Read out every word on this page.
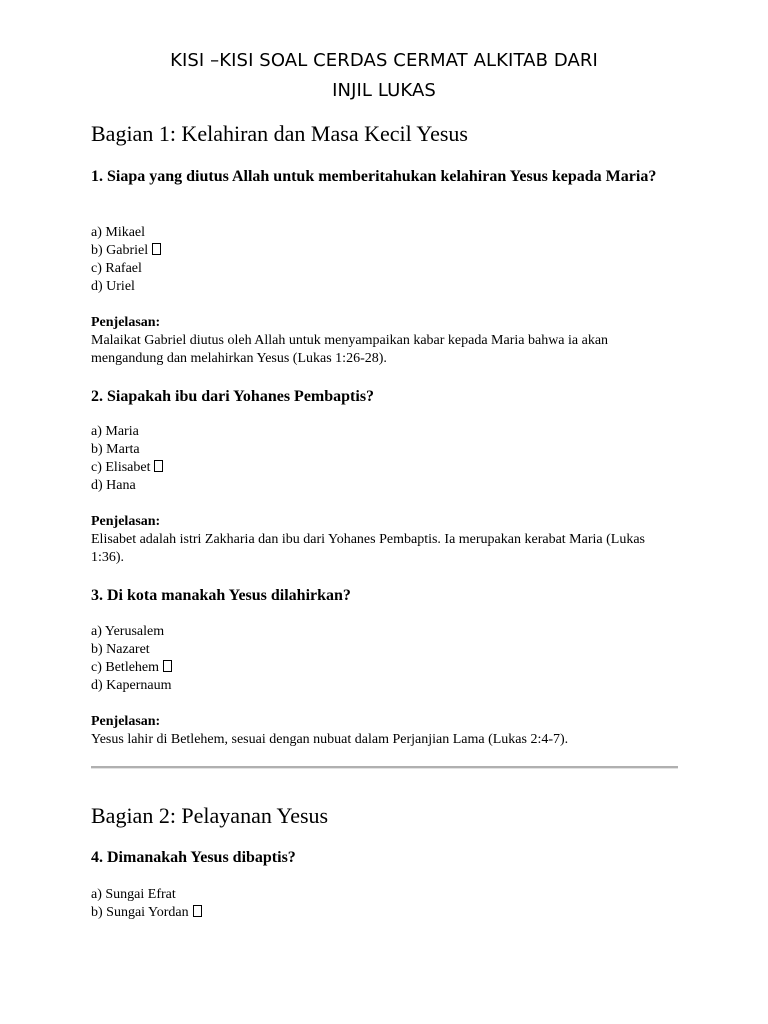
KISI –KISI SOAL CERDAS CERMAT ALKITAB DARI
INJIL LUKAS
Bagian 1: Kelahiran dan Masa Kecil Yesus

1. Siapa yang diutus Allah untuk memberitahukan kelahiran Yesus kepada Maria?

a) Mikael
b) Gabriel
c) Rafael
d) Uriel
Penjelasan:
Malaikat Gabriel diutus oleh Allah untuk menyampaikan kabar kepada Maria bahwa ia akan mengandung dan melahirkan Yesus (Lukas 1:26-28).

2. Siapakah ibu dari Yohanes Pembaptis?

a) Maria
b) Marta
c) Elisabet
d) Hana
Penjelasan:
Elisabet adalah istri Zakharia dan ibu dari Yohanes Pembaptis. Ia merupakan kerabat Maria (Lukas 1:36).

3. Di kota manakah Yesus dilahirkan?

a) Yerusalem
b) Nazaret
c) Betlehem
d) Kapernaum
Penjelasan:
Yesus lahir di Betlehem, sesuai dengan nubuat dalam Perjanjian Lama (Lukas 2:4-7).
Bagian 2: Pelayanan Yesus

4. Dimanakah Yesus dibaptis?

a) Sungai Efrat
b) Sungai Yordan
